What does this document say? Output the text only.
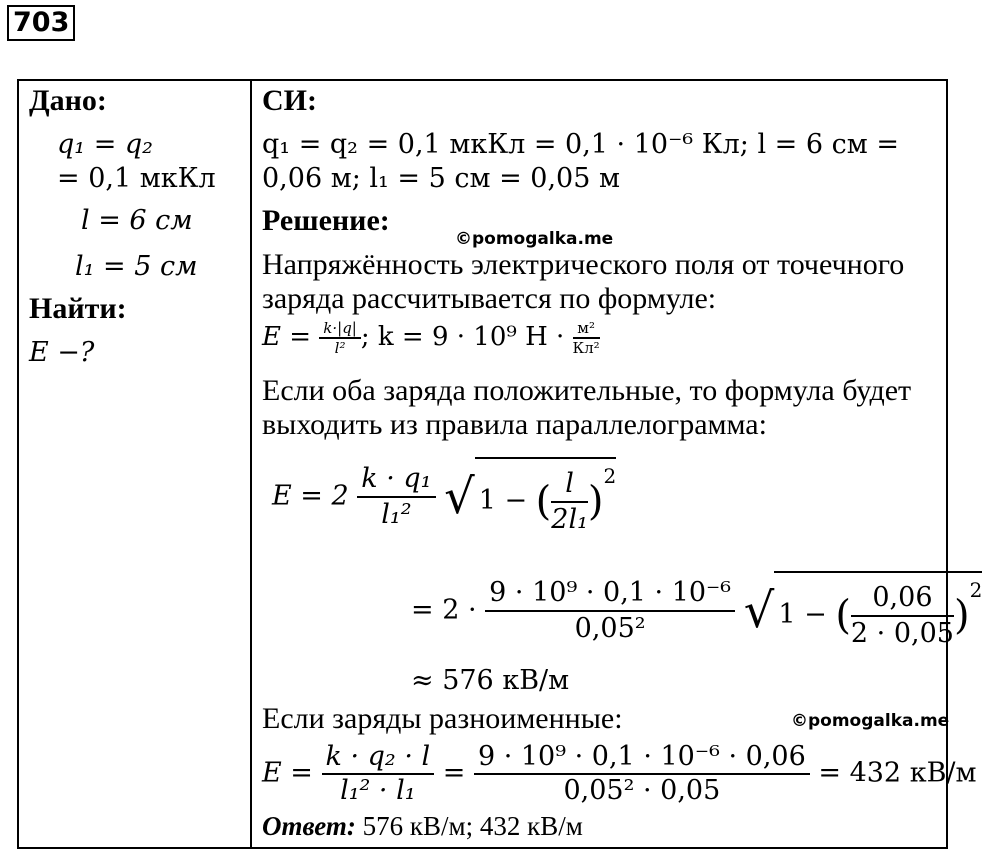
703
Дано:
q₁ = q₂
= 0,1 мкКл
l = 6 см
l₁ = 5 см
Найти:
E −?
СИ:
q₁ = q₂ = 0,1 мкКл = 0,1 · 10⁻⁶ Кл; l = 6 см =
0,06 м; l₁ = 5 см = 0,05 м
Решение:
©pomogalka.me
Напряжённость электрического поля от точечного
заряда рассчитывается по формуле:
$E = \frac{k\cdot|q|}{\text{l²}}$ ; k = 9 · 10⁹ $Н \cdot \frac{\text{м²}}{\text{Кл²}}$
Если оба заряда положительные, то формула будет
выходить из правила параллелограмма:
$E = 2 \frac{\text{k · q₁}}{\text{l₁²}}$ √ 1 − ( $\frac{l}{\text{2l₁}} )^2$
= $2 \cdot \frac{\text{9 · 10⁹ · 0,1 · 10⁻⁶}}{\text{0,05²}}$ √ 1 − ( $\frac{0,06}{2 \cdot 0,05} )^2$
≈ 576 кВ/м
Если заряды разноименные:	©pomogalka.me
$E = \frac{\text{k · q₂ · l}}{\text{l₁² · l₁}} = \frac{\text{9 · 10⁹ · 0,1 · 10⁻⁶ · 0,06}}{\text{0,05² · 0,05}} = 432$ кВ/м
Ответ: 576 кВ/м; 432 кВ/м
